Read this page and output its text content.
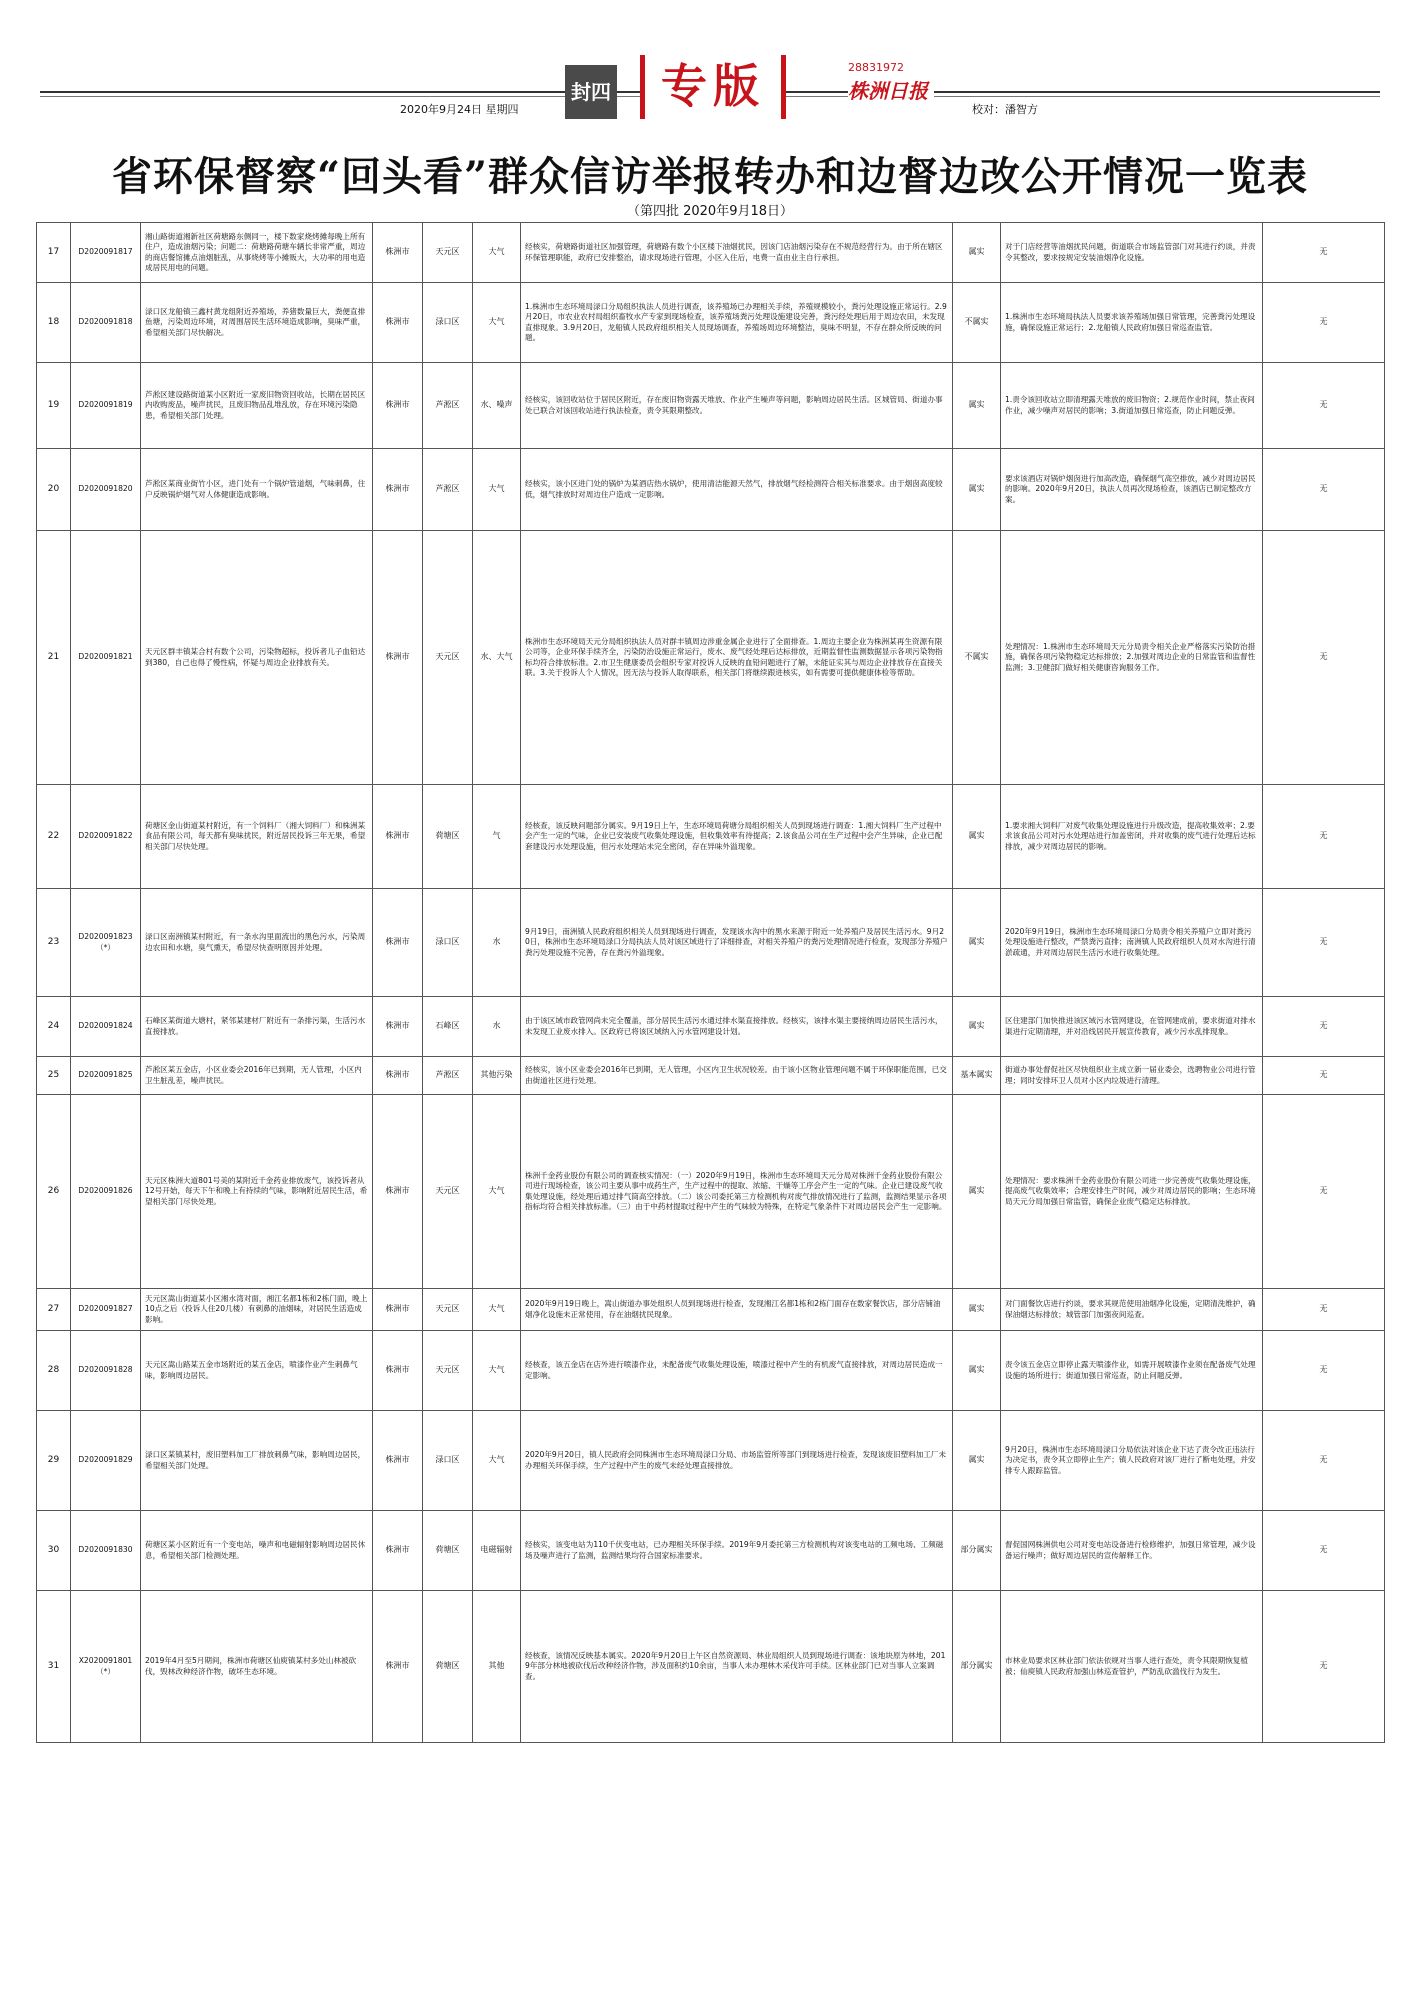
2020年9月24日 星期四
封四	专版	28831972
株洲日报
校对：潘智方
省环保督察“回头看”群众信访举报转办和边督边改公开情况一览表
（第四批 2020年9月18日）
17	D2020091817	湘山路街道湘新社区荷塘路东侧同一，楼下数家烧烤摊每晚上所有住户，造成油烟污染；问题二：荷塘路荷塘车辆长非常严重，周边的商店餐馆摊点油烟脏乱，从事烧烤等小摊贩大，大功率的用电造成居民用电的问题。	株洲市	天元区	大气	经核实，荷塘路街道社区加强管理，荷塘路有数个小区楼下油烟扰民，因该门店油烟污染存在不规范经营行为。由于所在辖区环保管理职能，政府已安排整治，请求现场进行管理，小区入住后，电费一直由业主自行承担。	属实	对于门店经营等油烟扰民问题，街道联合市场监管部门对其进行约谈，并责令其整改，要求按规定安装油烟净化设施。	无
18	D2020091818	渌口区龙船镇三鑫村黄龙组附近养殖场，养猪数量巨大，粪便直排鱼塘，污染周边环境，对周围居民生活环境造成影响，臭味严重，希望相关部门尽快解决。	株洲市	渌口区	大气	1.株洲市生态环境局渌口分局组织执法人员进行调查，该养殖场已办理相关手续，养殖规模较小，粪污处理设施正常运行。2.9月20日，市农业农村局组织畜牧水产专家到现场检查，该养殖场粪污处理设施建设完善，粪污经处理后用于周边农田，未发现直排现象。3.9月20日，龙船镇人民政府组织相关人员现场调查，养殖场周边环境整洁，臭味不明显，不存在群众所反映的问题。	不属实	1.株洲市生态环境局执法人员要求该养殖场加强日常管理，完善粪污处理设施，确保设施正常运行；2.龙船镇人民政府加强日常巡查监管。	无
19	D2020091819	芦淞区建设路街道某小区附近一家废旧物资回收站，长期在居民区内收购废品，噪声扰民，且废旧物品乱堆乱放，存在环境污染隐患，希望相关部门处理。	株洲市	芦淞区	水、噪声	经核实，该回收站位于居民区附近，存在废旧物资露天堆放、作业产生噪声等问题，影响周边居民生活。区城管局、街道办事处已联合对该回收站进行执法检查，责令其限期整改。	属实	1.责令该回收站立即清理露天堆放的废旧物资；2.规范作业时间，禁止夜间作业，减少噪声对居民的影响；3.街道加强日常巡查，防止问题反弹。	无
20	D2020091820	芦淞区某商业街竹小区，进门处有一个锅炉管道烟，气味刺鼻，住户反映锅炉烟气对人体健康造成影响。	株洲市	芦淞区	大气	经核实，该小区进门处的锅炉为某酒店热水锅炉，使用清洁能源天然气，排放烟气经检测符合相关标准要求。由于烟囱高度较低，烟气排放时对周边住户造成一定影响。	属实	要求该酒店对锅炉烟囱进行加高改造，确保烟气高空排放，减少对周边居民的影响。2020年9月20日，执法人员再次现场检查，该酒店已制定整改方案。	无
21	D2020091821	天元区群丰镇某合村有数个公司，污染物超标，投诉者儿子血铅达到380，自己也得了慢性病，怀疑与周边企业排放有关。	株洲市	天元区	水、大气	株洲市生态环境局天元分局组织执法人员对群丰镇周边涉重金属企业进行了全面排查。1.周边主要企业为株洲某再生资源有限公司等，企业环保手续齐全，污染防治设施正常运行，废水、废气经处理后达标排放，近期监督性监测数据显示各项污染物指标均符合排放标准。2.市卫生健康委员会组织专家对投诉人反映的血铅问题进行了解，未能证实其与周边企业排放存在直接关联。3.关于投诉人个人情况，因无法与投诉人取得联系，相关部门将继续跟进核实，如有需要可提供健康体检等帮助。	不属实	处理情况：1.株洲市生态环境局天元分局责令相关企业严格落实污染防治措施，确保各项污染物稳定达标排放；2.加强对周边企业的日常监管和监督性监测；3.卫健部门做好相关健康咨询服务工作。	无
22	D2020091822	荷塘区金山街道某村附近，有一个饲料厂（湘大饲料厂）和株洲某食品有限公司，每天都有臭味扰民，附近居民投诉三年无果，希望相关部门尽快处理。	株洲市	荷塘区	气	经核查，该反映问题部分属实。9月19日上午，生态环境局荷塘分局组织相关人员到现场进行调查：1.湘大饲料厂生产过程中会产生一定的气味，企业已安装废气收集处理设施，但收集效率有待提高；2.该食品公司在生产过程中会产生异味，企业已配套建设污水处理设施，但污水处理站未完全密闭，存在异味外溢现象。	属实	1.要求湘大饲料厂对废气收集处理设施进行升级改造，提高收集效率；2.要求该食品公司对污水处理站进行加盖密闭，并对收集的废气进行处理后达标排放，减少对周边居民的影响。	无
23	D2020091823（*）	渌口区南洲镇某村附近，有一条水沟里面流出的黑色污水，污染周边农田和水塘，臭气熏天，希望尽快查明原因并处理。	株洲市	渌口区	水	9月19日，南洲镇人民政府组织相关人员到现场进行调查，发现该水沟中的黑水来源于附近一处养殖户及居民生活污水。9月20日，株洲市生态环境局渌口分局执法人员对该区域进行了详细排查，对相关养殖户的粪污处理情况进行检查，发现部分养殖户粪污处理设施不完善，存在粪污外溢现象。	属实	2020年9月19日，株洲市生态环境局渌口分局责令相关养殖户立即对粪污处理设施进行整改，严禁粪污直排；南洲镇人民政府组织人员对水沟进行清淤疏通，并对周边居民生活污水进行收集处理。	无
24	D2020091824	石峰区某街道大塘村，紧邻某建材厂附近有一条排污渠，生活污水直接排放。	株洲市	石峰区	水	由于该区域市政管网尚未完全覆盖，部分居民生活污水通过排水渠直接排放。经核实，该排水渠主要接纳周边居民生活污水，未发现工业废水排入。区政府已将该区域纳入污水管网建设计划。	属实	区住建部门加快推进该区域污水管网建设，在管网建成前，要求街道对排水渠进行定期清理，并对沿线居民开展宣传教育，减少污水乱排现象。	无
25	D2020091825	芦淞区某五金店，小区业委会2016年已到期，无人管理，小区内卫生脏乱差，噪声扰民。	株洲市	芦淞区	其他污染	经核实，该小区业委会2016年已到期，无人管理，小区内卫生状况较差。由于该小区物业管理问题不属于环保职能范围，已交由街道社区进行处理。	基本属实	街道办事处督促社区尽快组织业主成立新一届业委会，选聘物业公司进行管理；同时安排环卫人员对小区内垃圾进行清理。	无
26	D2020091826	天元区株洲大道801号美的某附近千金药业排放废气，该投诉者从12号开始，每天下午和晚上有持续的气味，影响附近居民生活，希望相关部门尽快处理。	株洲市	天元区	大气	株洲千金药业股份有限公司的调查核实情况：（一）2020年9月19日，株洲市生态环境局天元分局对株洲千金药业股份有限公司进行现场检查，该公司主要从事中成药生产，生产过程中的提取、浓缩、干燥等工序会产生一定的气味。企业已建设废气收集处理设施，经处理后通过排气筒高空排放。（二）该公司委托第三方检测机构对废气排放情况进行了监测，监测结果显示各项指标均符合相关排放标准。（三）由于中药材提取过程中产生的气味较为特殊，在特定气象条件下对周边居民会产生一定影响。	属实	处理情况：要求株洲千金药业股份有限公司进一步完善废气收集处理设施，提高废气收集效率；合理安排生产时间，减少对周边居民的影响；生态环境局天元分局加强日常监管，确保企业废气稳定达标排放。	无
27	D2020091827	天元区嵩山街道某小区湘水湾对面，湘江名都1栋和2栋门面，晚上10点之后（投诉人住20几楼）有刺鼻的油烟味，对居民生活造成影响。	株洲市	天元区	大气	2020年9月19日晚上，嵩山街道办事处组织人员到现场进行检查，发现湘江名都1栋和2栋门面存在数家餐饮店，部分店铺油烟净化设施未正常使用，存在油烟扰民现象。	属实	对门面餐饮店进行约谈，要求其规范使用油烟净化设施，定期清洗维护，确保油烟达标排放；城管部门加强夜间巡查。	无
28	D2020091828	天元区嵩山路某五金市场附近的某五金店，喷漆作业产生刺鼻气味，影响周边居民。	株洲市	天元区	大气	经核查，该五金店在店外进行喷漆作业，未配备废气收集处理设施，喷漆过程中产生的有机废气直接排放，对周边居民造成一定影响。	属实	责令该五金店立即停止露天喷漆作业，如需开展喷漆作业须在配备废气处理设施的场所进行；街道加强日常巡查，防止问题反弹。	无
29	D2020091829	渌口区某镇某村，废旧塑料加工厂排放刺鼻气味，影响周边居民，希望相关部门处理。	株洲市	渌口区	大气	2020年9月20日，镇人民政府会同株洲市生态环境局渌口分局、市场监管所等部门到现场进行检查，发现该废旧塑料加工厂未办理相关环保手续，生产过程中产生的废气未经处理直接排放。	属实	9月20日，株洲市生态环境局渌口分局依法对该企业下达了责令改正违法行为决定书，责令其立即停止生产；镇人民政府对该厂进行了断电处理，并安排专人跟踪监管。	无
30	D2020091830	荷塘区某小区附近有一个变电站，噪声和电磁辐射影响周边居民休息，希望相关部门检测处理。	株洲市	荷塘区	电磁辐射	经核实，该变电站为110千伏变电站，已办理相关环保手续。2019年9月委托第三方检测机构对该变电站的工频电场、工频磁场及噪声进行了监测，监测结果均符合国家标准要求。	部分属实	督促国网株洲供电公司对变电站设备进行检修维护，加强日常管理，减少设备运行噪声；做好周边居民的宣传解释工作。	无
31	X2020091801（*）	2019年4月至5月期间，株洲市荷塘区仙庾镇某村多处山林被砍伐，毁林改种经济作物，破坏生态环境。	株洲市	荷塘区	其他	经核查，该情况反映基本属实。2020年9月20日上午区自然资源局、林业局组织人员到现场进行调查：该地块原为林地，2019年部分林地被砍伐后改种经济作物，涉及面积约10余亩，当事人未办理林木采伐许可手续。区林业部门已对当事人立案调查。	部分属实	市林业局要求区林业部门依法依规对当事人进行查处，责令其限期恢复植被；仙庾镇人民政府加强山林巡查管护，严防乱砍滥伐行为发生。	无
